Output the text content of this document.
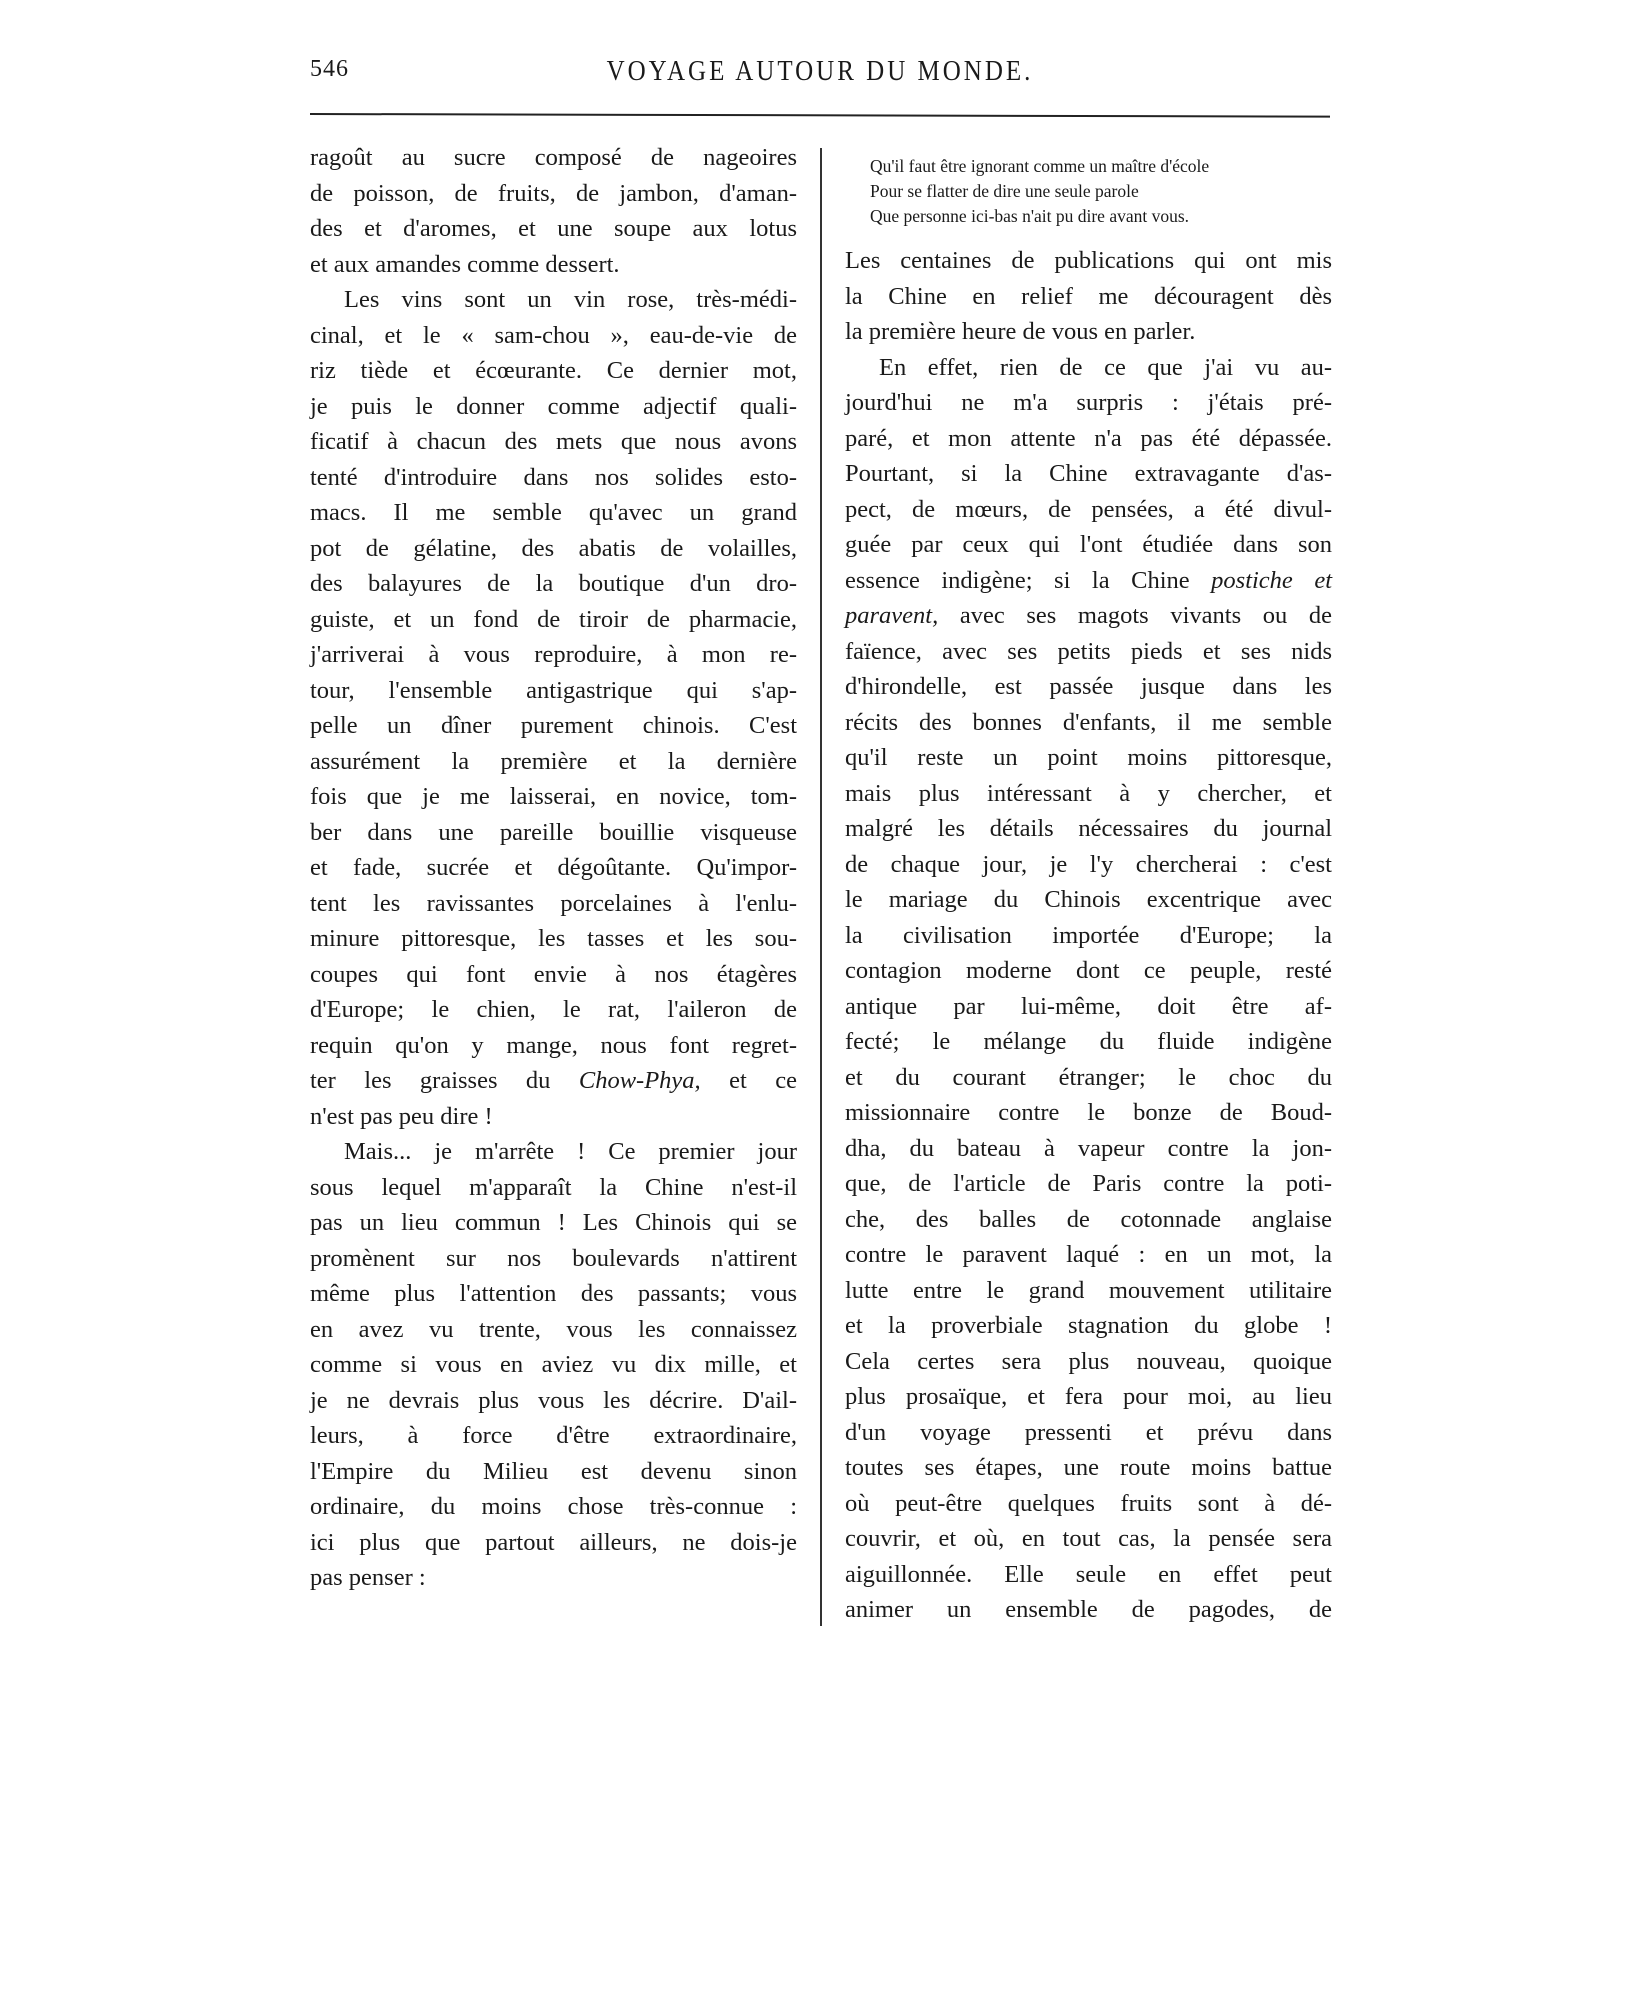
546	VOYAGE AUTOUR DU MONDE.
ragoût au sucre composé de nageoires
de poisson, de fruits, de jambon, d'aman-
des et d'aromes, et une soupe aux lotus
et aux amandes comme dessert.
Les vins sont un vin rose, très-médi-
cinal, et le « sam-chou », eau-de-vie de
riz tiède et écœurante. Ce dernier mot,
je puis le donner comme adjectif quali-
ficatif à chacun des mets que nous avons
tenté d'introduire dans nos solides esto-
macs. Il me semble qu'avec un grand
pot de gélatine, des abatis de volailles,
des balayures de la boutique d'un dro-
guiste, et un fond de tiroir de pharmacie,
j'arriverai à vous reproduire, à mon re-
tour, l'ensemble antigastrique qui s'ap-
pelle un dîner purement chinois. C'est
assurément la première et la dernière
fois que je me laisserai, en novice, tom-
ber dans une pareille bouillie visqueuse
et fade, sucrée et dégoûtante. Qu'impor-
tent les ravissantes porcelaines à l'enlu-
minure pittoresque, les tasses et les sou-
coupes qui font envie à nos étagères
d'Europe; le chien, le rat, l'aileron de
requin qu'on y mange, nous font regret-
ter les graisses du Chow-Phya, et ce
n'est pas peu dire !
Mais... je m'arrête ! Ce premier jour
sous lequel m'apparaît la Chine n'est-il
pas un lieu commun ! Les Chinois qui se
promènent sur nos boulevards n'attirent
même plus l'attention des passants; vous
en avez vu trente, vous les connaissez
comme si vous en aviez vu dix mille, et
je ne devrais plus vous les décrire. D'ail-
leurs, à force d'être extraordinaire,
l'Empire du Milieu est devenu sinon
ordinaire, du moins chose très-connue :
ici plus que partout ailleurs, ne dois-je
pas penser :
Qu'il faut être ignorant comme un maître d'école
Pour se flatter de dire une seule parole
Que personne ici-bas n'ait pu dire avant vous.
Les centaines de publications qui ont mis
la Chine en relief me découragent dès
la première heure de vous en parler.
En effet, rien de ce que j'ai vu au-
jourd'hui ne m'a surpris : j'étais pré-
paré, et mon attente n'a pas été dépassée.
Pourtant, si la Chine extravagante d'as-
pect, de mœurs, de pensées, a été divul-
guée par ceux qui l'ont étudiée dans son
essence indigène; si la Chine postiche et
paravent, avec ses magots vivants ou de
faïence, avec ses petits pieds et ses nids
d'hirondelle, est passée jusque dans les
récits des bonnes d'enfants, il me semble
qu'il reste un point moins pittoresque,
mais plus intéressant à y chercher, et
malgré les détails nécessaires du journal
de chaque jour, je l'y chercherai : c'est
le mariage du Chinois excentrique avec
la civilisation importée d'Europe; la
contagion moderne dont ce peuple, resté
antique par lui-même, doit être af-
fecté; le mélange du fluide indigène
et du courant étranger; le choc du
missionnaire contre le bonze de Boud-
dha, du bateau à vapeur contre la jon-
que, de l'article de Paris contre la poti-
che, des balles de cotonnade anglaise
contre le paravent laqué : en un mot, la
lutte entre le grand mouvement utilitaire
et la proverbiale stagnation du globe !
Cela certes sera plus nouveau, quoique
plus prosaïque, et fera pour moi, au lieu
d'un voyage pressenti et prévu dans
toutes ses étapes, une route moins battue
où peut-être quelques fruits sont à dé-
couvrir, et où, en tout cas, la pensée sera
aiguillonnée. Elle seule en effet peut
animer un ensemble de pagodes, de
